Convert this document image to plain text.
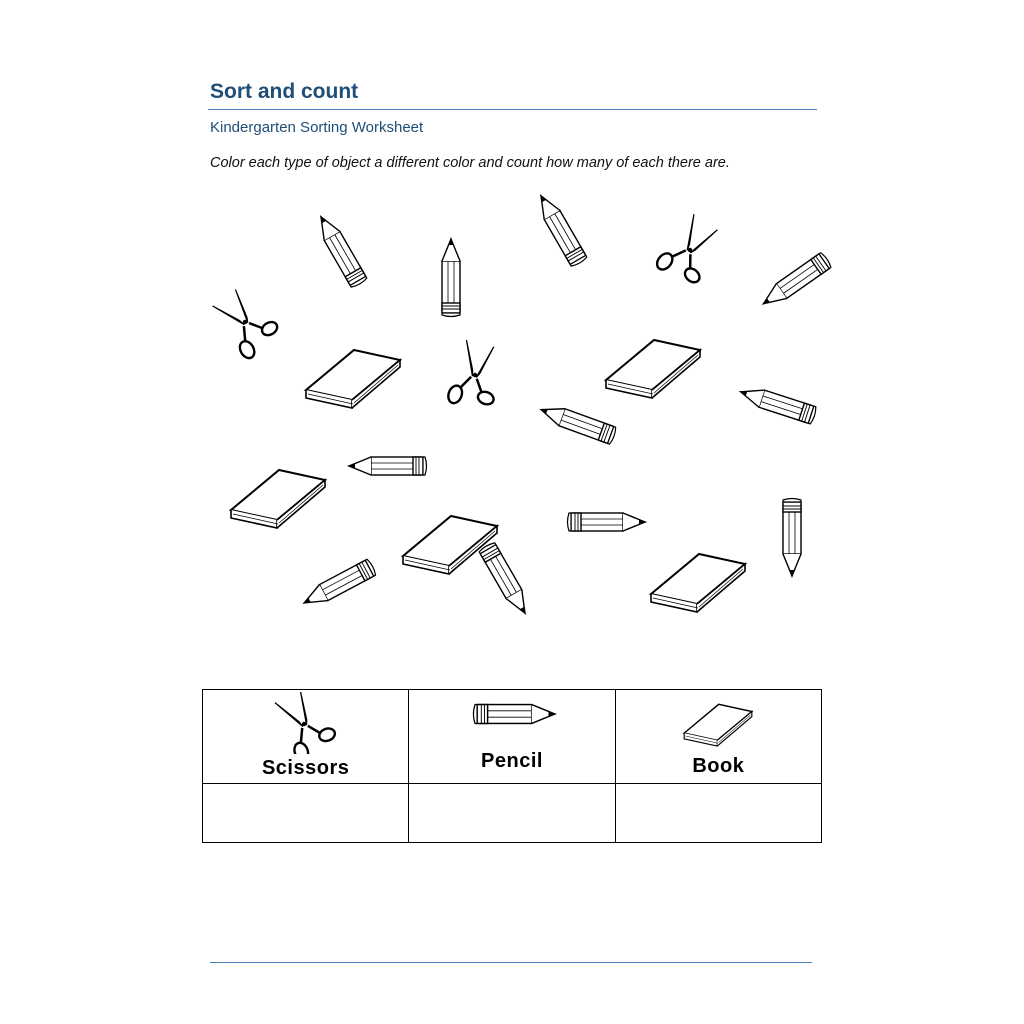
Sort and count
Kindergarten Sorting Worksheet
Color each type of object a different color and count how many of each there are.
Scissors	Pencil	Book
